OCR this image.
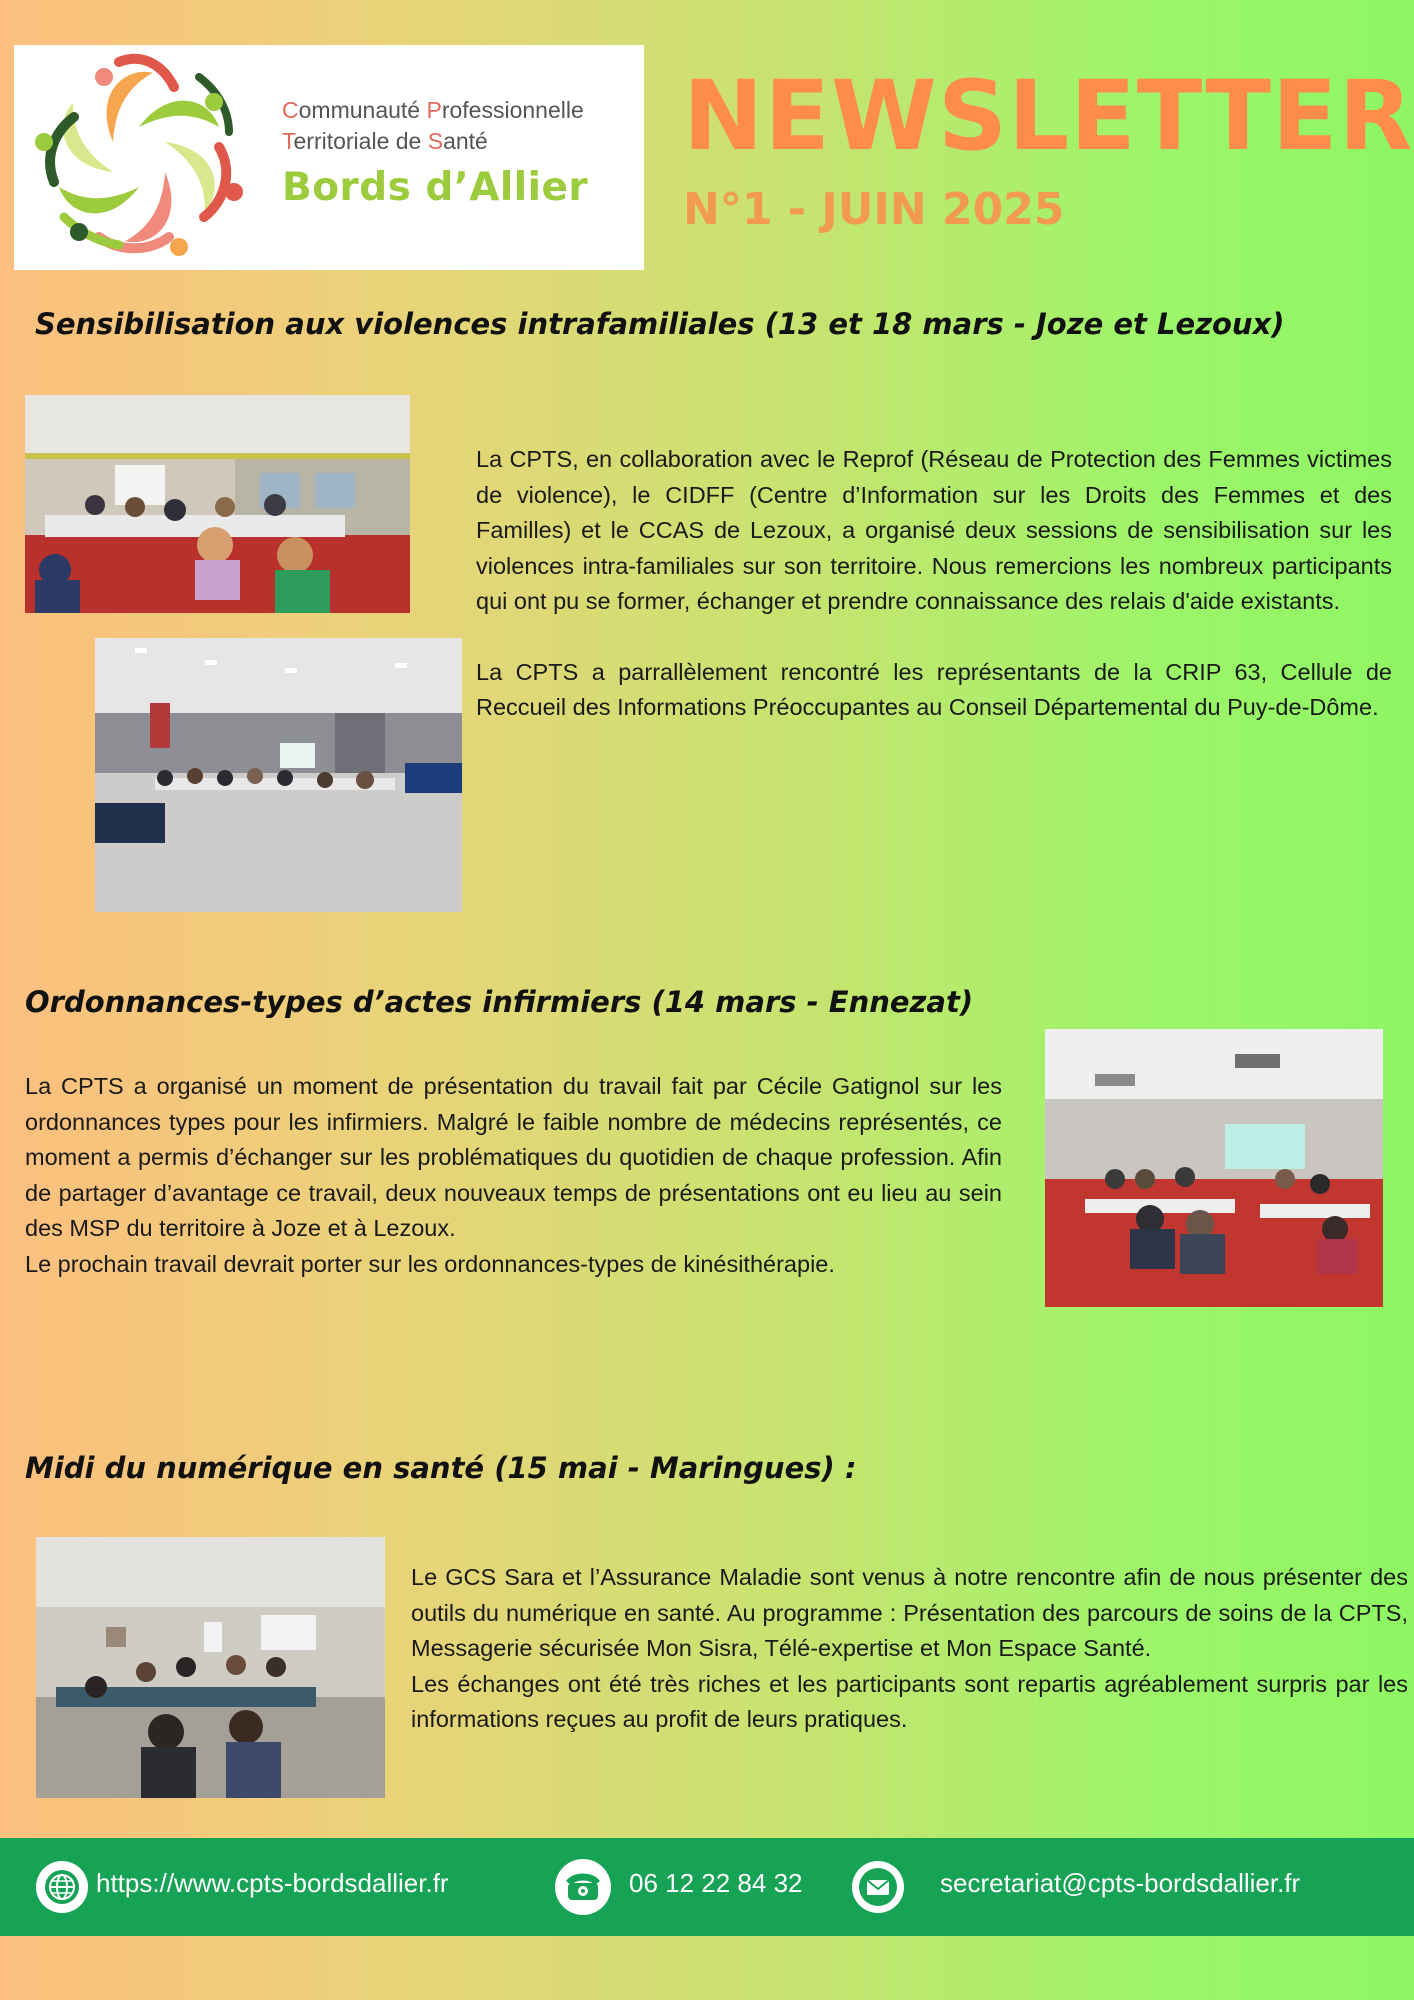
Communauté Professionnelle
Territoriale de Santé
Bords d’Allier
NEWSLETTER
N°1 - JUIN 2025
Sensibilisation aux violences intrafamiliales (13 et 18 mars - Joze et Lezoux)

La CPTS, en collaboration avec le Reprof (Réseau de Protection des Femmes victimes de violence), le CIDFF (Centre d’Information sur les Droits des Femmes et des Familles) et le CCAS de Lezoux, a organisé deux sessions de sensibilisation sur les violences intra-familiales sur son territoire. Nous remercions les nombreux participants qui ont pu se former, échanger et prendre connaissance des relais d'aide existants.

La CPTS a parrallèlement rencontré les représentants de la CRIP 63, Cellule de Reccueil des Informations Préoccupantes au Conseil Départemental du Puy-de-Dôme.

Ordonnances-types d’actes infirmiers (14 mars - Ennezat)

La CPTS a organisé un moment de présentation du travail fait par Cécile Gatignol sur les ordonnances types pour les infirmiers. Malgré le faible nombre de médecins représentés, ce moment a permis d’échanger sur les problématiques du quotidien de chaque profession. Afin de partager d’avantage ce travail, deux nouveaux temps de présentations ont eu lieu au sein des MSP du territoire à Joze et à Lezoux.

Le prochain travail devrait porter sur les ordonnances-types de kinésithérapie.

Midi du numérique en santé (15 mai - Maringues) :

Le GCS Sara et l’Assurance Maladie sont venus à notre rencontre afin de nous présenter des outils du numérique en santé. Au programme : Présentation des parcours de soins de la CPTS, Messagerie sécurisée Mon Sisra, Télé-expertise et Mon Espace Santé.

Les échanges ont été très riches et les participants sont repartis agréablement surpris par les informations reçues au profit de leurs pratiques.

https://www.cpts-bordsdallier.fr	06 12 22 84 32	secretariat@cpts-bordsdallier.fr
